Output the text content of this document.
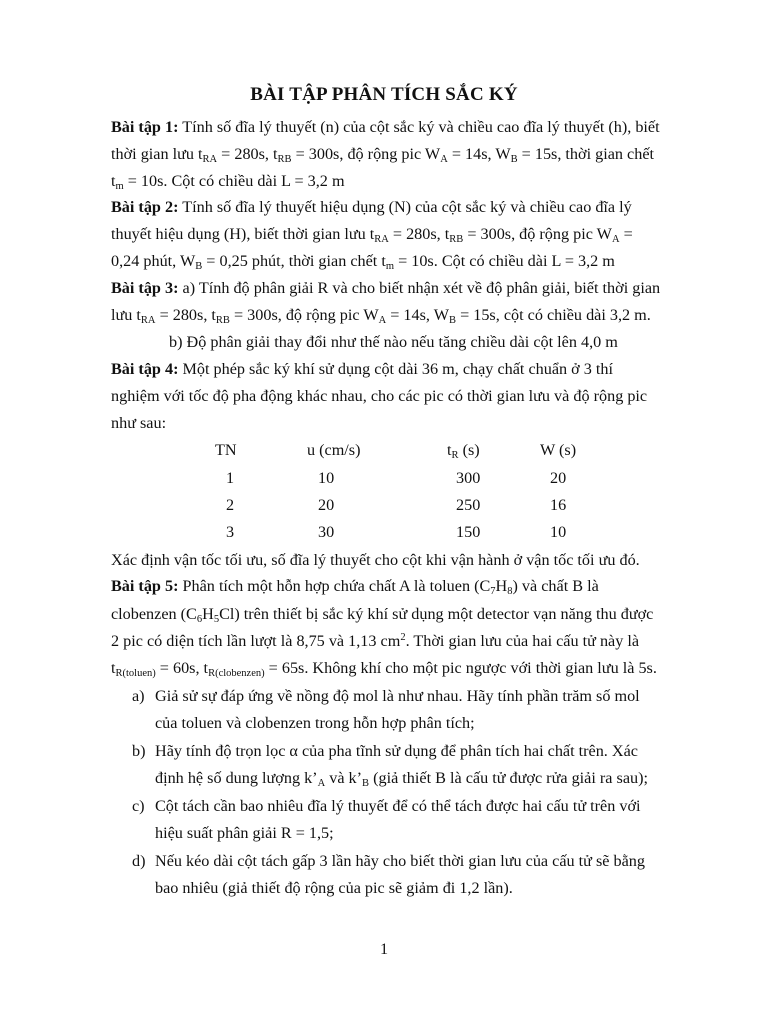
BÀI TẬP PHÂN TÍCH SẮC KÝ
Bài tập 1: Tính số đĩa lý thuyết (n) của cột sắc ký và chiều cao đĩa lý thuyết (h), biết
thời gian lưu $t_{RA} = 280s$, $t_{RB} = 300s$, độ rộng pic $W_A = 14s$, $W_B = 15s$, thời gian chết
$t_m = 10s$. Cột có chiều dài L = 3,2 m
Bài tập 2: Tính số đĩa lý thuyết hiệu dụng (N) của cột sắc ký và chiều cao đĩa lý
thuyết hiệu dụng (H), biết thời gian lưu $t_{RA} = 280s$, $t_{RB} = 300s$, độ rộng pic $W_A$ =
0,24 phút, $W_B = 0,25$ phút, thời gian chết $t_m = 10s$. Cột có chiều dài L = 3,2 m
Bài tập 3: a) Tính độ phân giải R và cho biết nhận xét về độ phân giải, biết thời gian
lưu $t_{RA} = 280s$, $t_{RB} = 300s$, độ rộng pic $W_A = 14s$, $W_B = 15s$, cột có chiều dài 3,2 m.
b) Độ phân giải thay đổi như thế nào nếu tăng chiều dài cột lên 4,0 m
Bài tập 4: Một phép sắc ký khí sử dụng cột dài 36 m, chạy chất chuẩn ở 3 thí
nghiệm với tốc độ pha động khác nhau, cho các pic có thời gian lưu và độ rộng pic
như sau:
TN	u (cm/s)	$t_R$ (s)	W (s)
1	10	300	20
2	20	250	16
3	30	150	10
Xác định vận tốc tối ưu, số đĩa lý thuyết cho cột khi vận hành ở vận tốc tối ưu đó.
Bài tập 5: Phân tích một hỗn hợp chứa chất A là toluen $(C_7H_8)$ và chất B là
clobenzen $(C_6H_5Cl)$ trên thiết bị sắc ký khí sử dụng một detector vạn năng thu được
2 pic có diện tích lần lượt là 8,75 và 1,13 $cm^2$. Thời gian lưu của hai cấu tử này là
$t_{R(toluen)} = 60s$, $t_{R(clobenzen)} = 65s$. Không khí cho một pic ngược với thời gian lưu là 5s.
a) Giả sử sự đáp ứng về nồng độ mol là như nhau. Hãy tính phần trăm số mol
của toluen và clobenzen trong hỗn hợp phân tích;
b) Hãy tính độ trọn lọc α của pha tĩnh sử dụng để phân tích hai chất trên. Xác
định hệ số dung lượng $k’_A$ và $k’_B$ (giả thiết B là cấu tử được rửa giải ra sau);
c) Cột tách cần bao nhiêu đĩa lý thuyết để có thể tách được hai cấu tử trên với
hiệu suất phân giải R = 1,5;
d) Nếu kéo dài cột tách gấp 3 lần hãy cho biết thời gian lưu của cấu tử sẽ bằng
bao nhiêu (giả thiết độ rộng của pic sẽ giảm đi 1,2 lần).
1
